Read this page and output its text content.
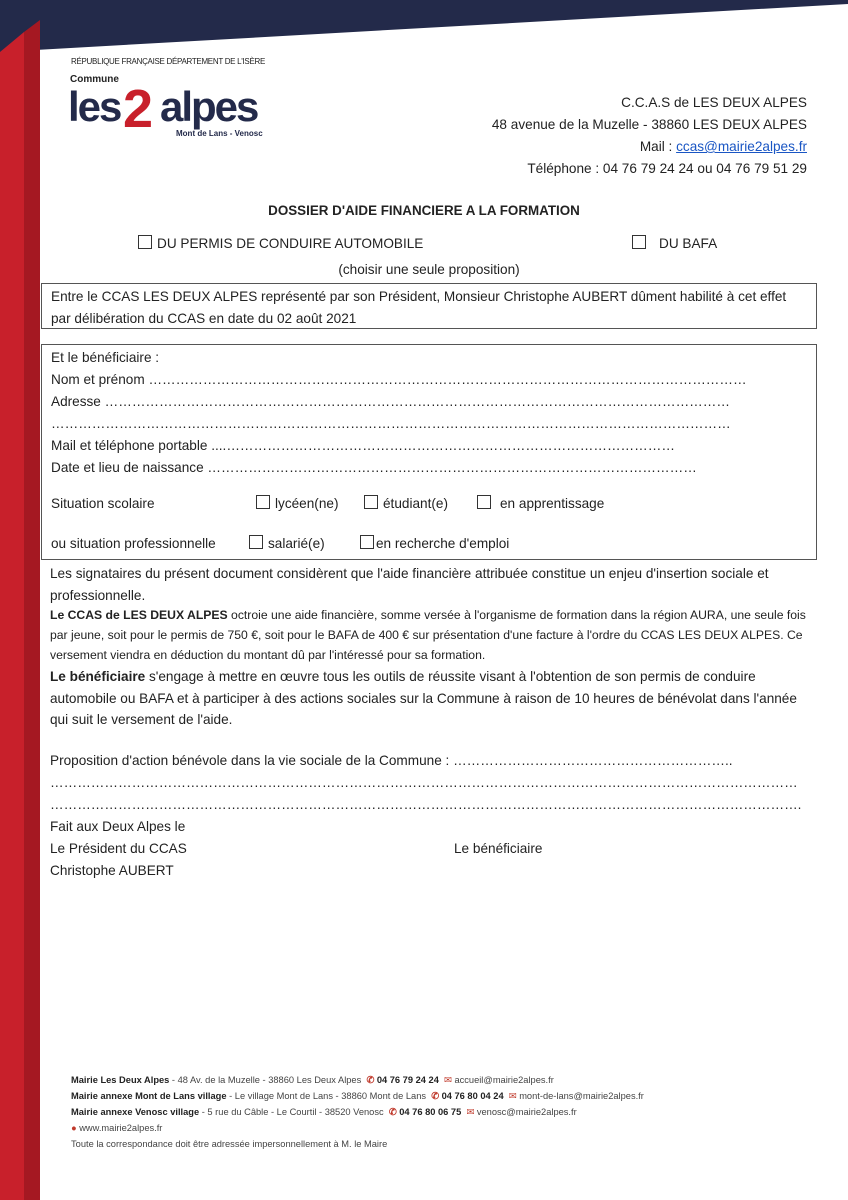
RÉPUBLIQUE FRANÇAISE DÉPARTEMENT DE L'ISÈRE
Commune
les 2 alpes
Mont de Lans - Venosc
C.C.A.S de LES DEUX ALPES
48 avenue de la Muzelle - 38860 LES DEUX ALPES
Mail : ccas@mairie2alpes.fr
Téléphone : 04 76 79 24 24 ou 04 76 79 51 29
DOSSIER D'AIDE FINANCIERE A LA FORMATION
DU PERMIS DE CONDUIRE AUTOMOBILE	DU BAFA
(choisir une seule proposition)
Entre le CCAS LES DEUX ALPES représenté par son Président, Monsieur Christophe AUBERT dûment habilité à cet effet par délibération du CCAS en date du 02 août 2021
Et le bénéficiaire :
Nom et prénom ……………………………………………………………………………………………………………………
Adresse …………………………………………………………………………………………………………………………
……………………………………………………………………………………………………………………………………
Mail et téléphone portable ....………………………………………………………………………………………
Date et lieu de naissance ………………………………………………………………………………………………
Situation scolaire	lycéen(ne)	étudiant(e)	en apprentissage
ou situation professionnelle	salarié(e)	en recherche d'emploi
Les signataires du présent document considèrent que l'aide financière attribuée constitue un enjeu d'insertion sociale et professionnelle.
Le CCAS de LES DEUX ALPES octroie une aide financière, somme versée à l'organisme de formation dans la région AURA, une seule fois par jeune, soit pour le permis de 750 €, soit pour le BAFA de 400 € sur présentation d'une facture à l'ordre du CCAS LES DEUX ALPES. Ce versement viendra en déduction du montant dû par l'intéressé pour sa formation.
Le bénéficiaire s'engage à mettre en œuvre tous les outils de réussite visant à l'obtention de son permis de conduire automobile ou BAFA et à participer à des actions sociales sur la Commune à raison de 10 heures de bénévolat dans l'année qui suit le versement de l'aide.
Proposition d'action bénévole dans la vie sociale de la Commune : ……………………………………………………..
…………………………………………………………………………………………………………………………………………………
………………………………………………………………………………………………………………………………………………….
Fait aux Deux Alpes le
Le Président du CCAS	Le bénéficiaire
Christophe AUBERT
Mairie Les Deux Alpes - 48 Av. de la Muzelle - 38860 Les Deux Alpes ✆ 04 76 79 24 24 ✉ accueil@mairie2alpes.fr
Mairie annexe Mont de Lans village - Le village Mont de Lans - 38860 Mont de Lans ✆ 04 76 80 04 24 ✉ mont-de-lans@mairie2alpes.fr
Mairie annexe Venosc village - 5 rue du Câble - Le Courtil - 38520 Venosc ✆ 04 76 80 06 75 ✉ venosc@mairie2alpes.fr
● www.mairie2alpes.fr
Toute la correspondance doit être adressée impersonnellement à M. le Maire
